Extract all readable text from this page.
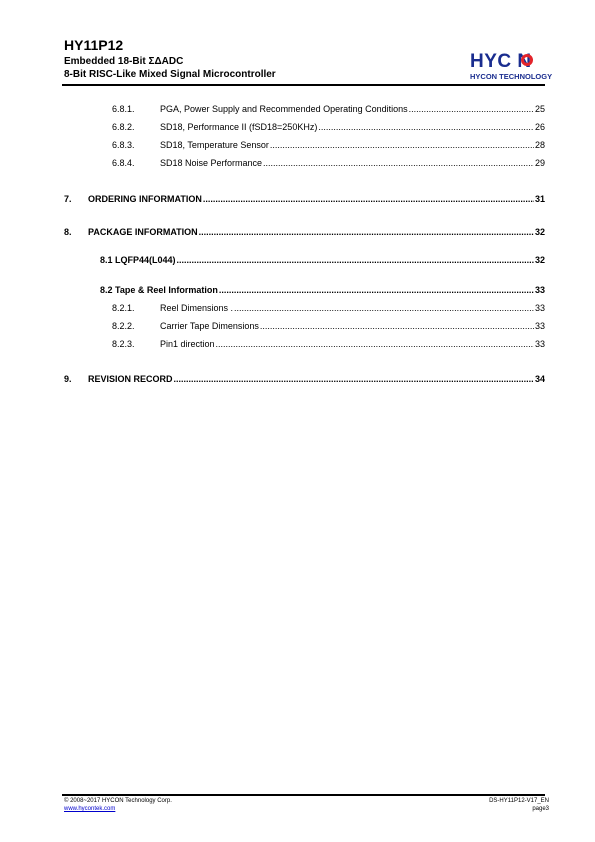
HY11P12
Embedded 18-Bit ΣΔADC
8-Bit RISC-Like Mixed Signal Microcontroller
HYC N
HYCON TECHNOLOGY
6.8.1.	PGA, Power Supply and Recommended Operating Conditions .....	25
6.8.2.	SD18, Performance II (fSD18=250KHz) .....	26
6.8.3.	SD18, Temperature Sensor .....	28
6.8.4.	SD18 Noise Performance .....	29
7.	ORDERING INFORMATION .....	31
8.	PACKAGE INFORMATION .....	32
8.1 LQFP44(L044) .....	32
8.2 Tape & Reel Information .....	33
8.2.1.	Reel Dimensions . .....	33
8.2.2.	Carrier Tape Dimensions .....	33
8.2.3.	Pin1 direction .....	33
9.	REVISION RECORD .....	34
© 2008~2017 HYCON Technology Corp.
www.hycontek.com
DS-HY11P12-V17_EN
page3
